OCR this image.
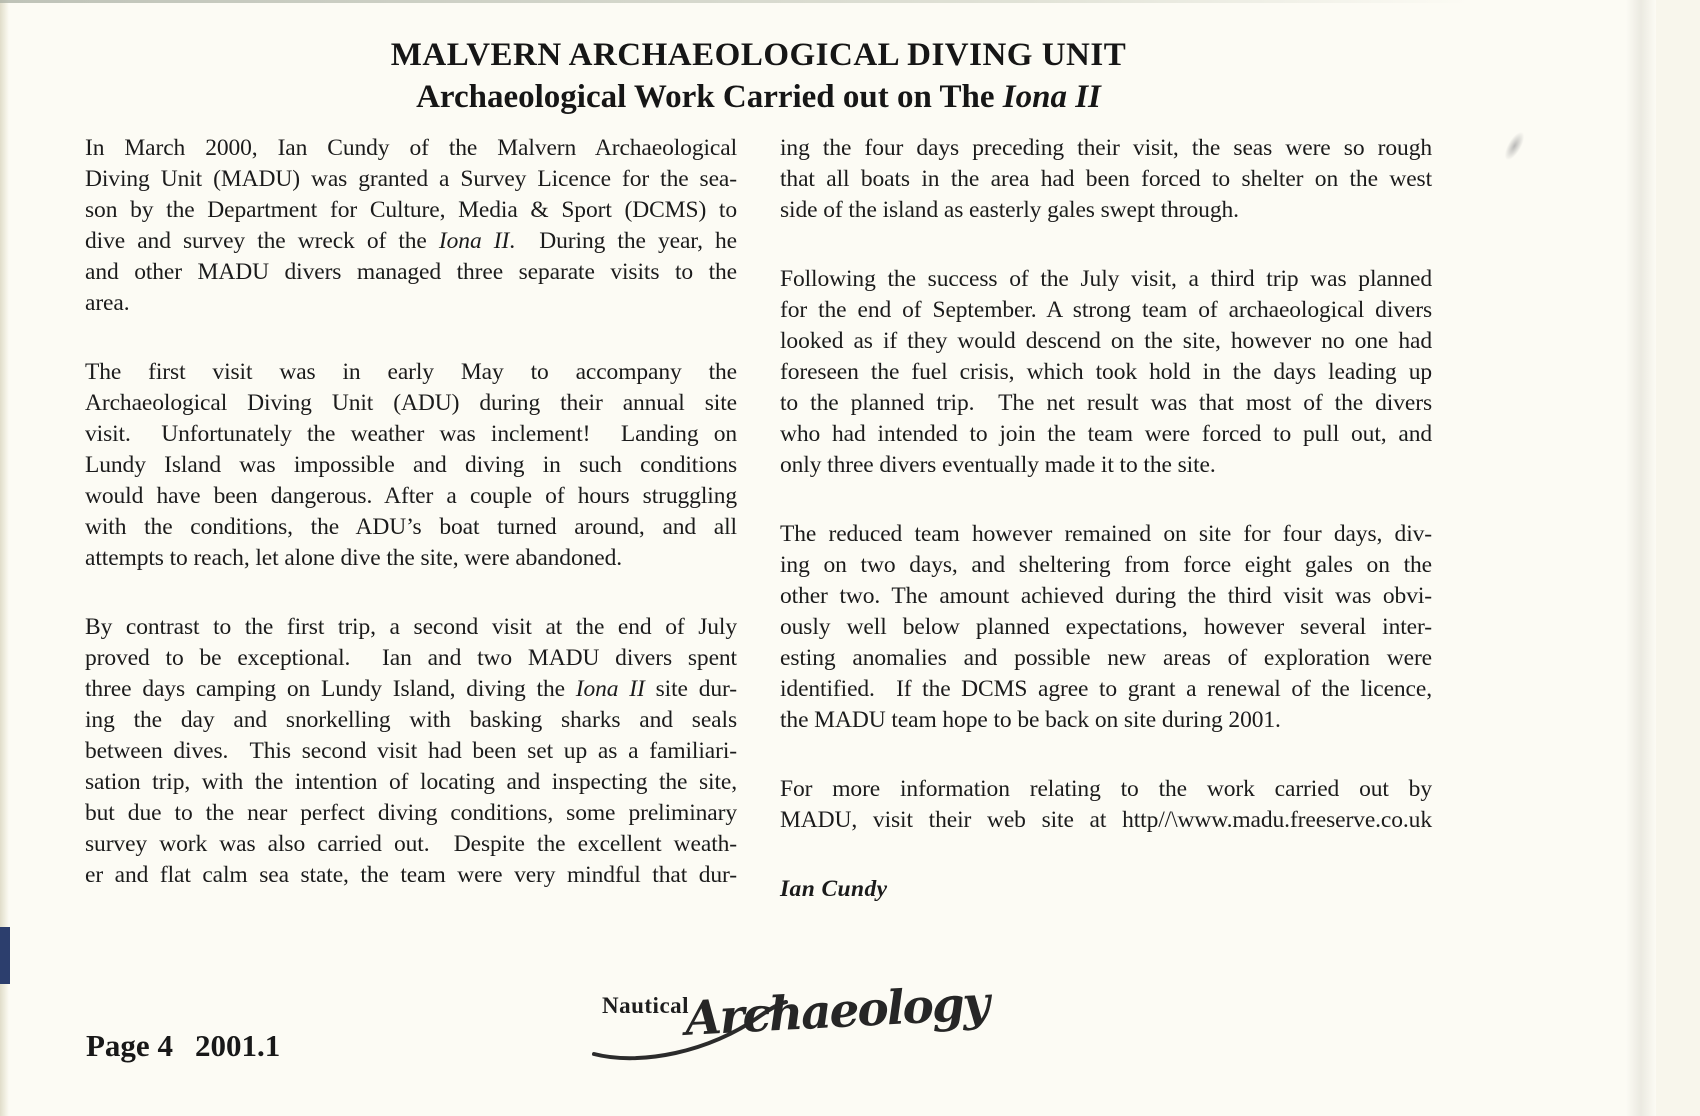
MALVERN ARCHAEOLOGICAL DIVING UNIT
Archaeological Work Carried out on The Iona II
In  March  2000,  Ian  Cundy  of  the  Malvern  Archaeological
Diving Unit (MADU) was granted a Survey Licence for the sea-
son by the Department for Culture, Media & Sport (DCMS) to
dive and survey the wreck of the Iona II.  During the year, he
and other MADU divers managed three separate visits to the
area.
The  first  visit  was  in  early  May  to  accompany  the
Archaeological Diving Unit (ADU) during their annual site
visit.  Unfortunately the weather was inclement!  Landing on
Lundy Island was impossible and diving in such conditions
would have been dangerous. After a couple of hours struggling
with the conditions, the ADU’s boat turned around, and all
attempts to reach, let alone dive the site, were abandoned.
By contrast to the first trip, a second visit at the end of July
proved to be exceptional.  Ian and two MADU divers spent
three days camping on Lundy Island, diving the Iona II site dur-
ing the day and snorkelling with basking sharks and seals
between dives.  This second visit had been set up as a familiari-
sation trip, with the intention of locating and inspecting the site,
but due to the near perfect diving conditions, some preliminary
survey work was also carried out.  Despite the excellent weath-
er and flat calm sea state, the team were very mindful that dur-
ing the four days preceding their visit, the seas were so rough
that all boats in the area had been forced to shelter on the west
side of the island as easterly gales swept through.
Following the success of the July visit, a third trip was planned
for the end of September. A strong team of archaeological divers
looked as if they would descend on the site, however no one had
foreseen the fuel crisis, which took hold in the days leading up
to the planned trip.  The net result was that most of the divers
who had intended to join the team were forced to pull out, and
only three divers eventually made it to the site.
The reduced team however remained on site for four days, div-
ing on two days, and sheltering from force eight gales on the
other two. The amount achieved during the third visit was obvi-
ously well below planned expectations, however several inter-
esting anomalies and possible new areas of exploration were
identified.  If the DCMS agree to grant a renewal of the licence,
the MADU team hope to be back on site during 2001.
For  more  information  relating  to  the  work  carried  out  by
MADU, visit their web site at http//\www.madu.freeserve.co.uk
Ian Cundy
Page 4 2001.1
Nautical
Archaeology
